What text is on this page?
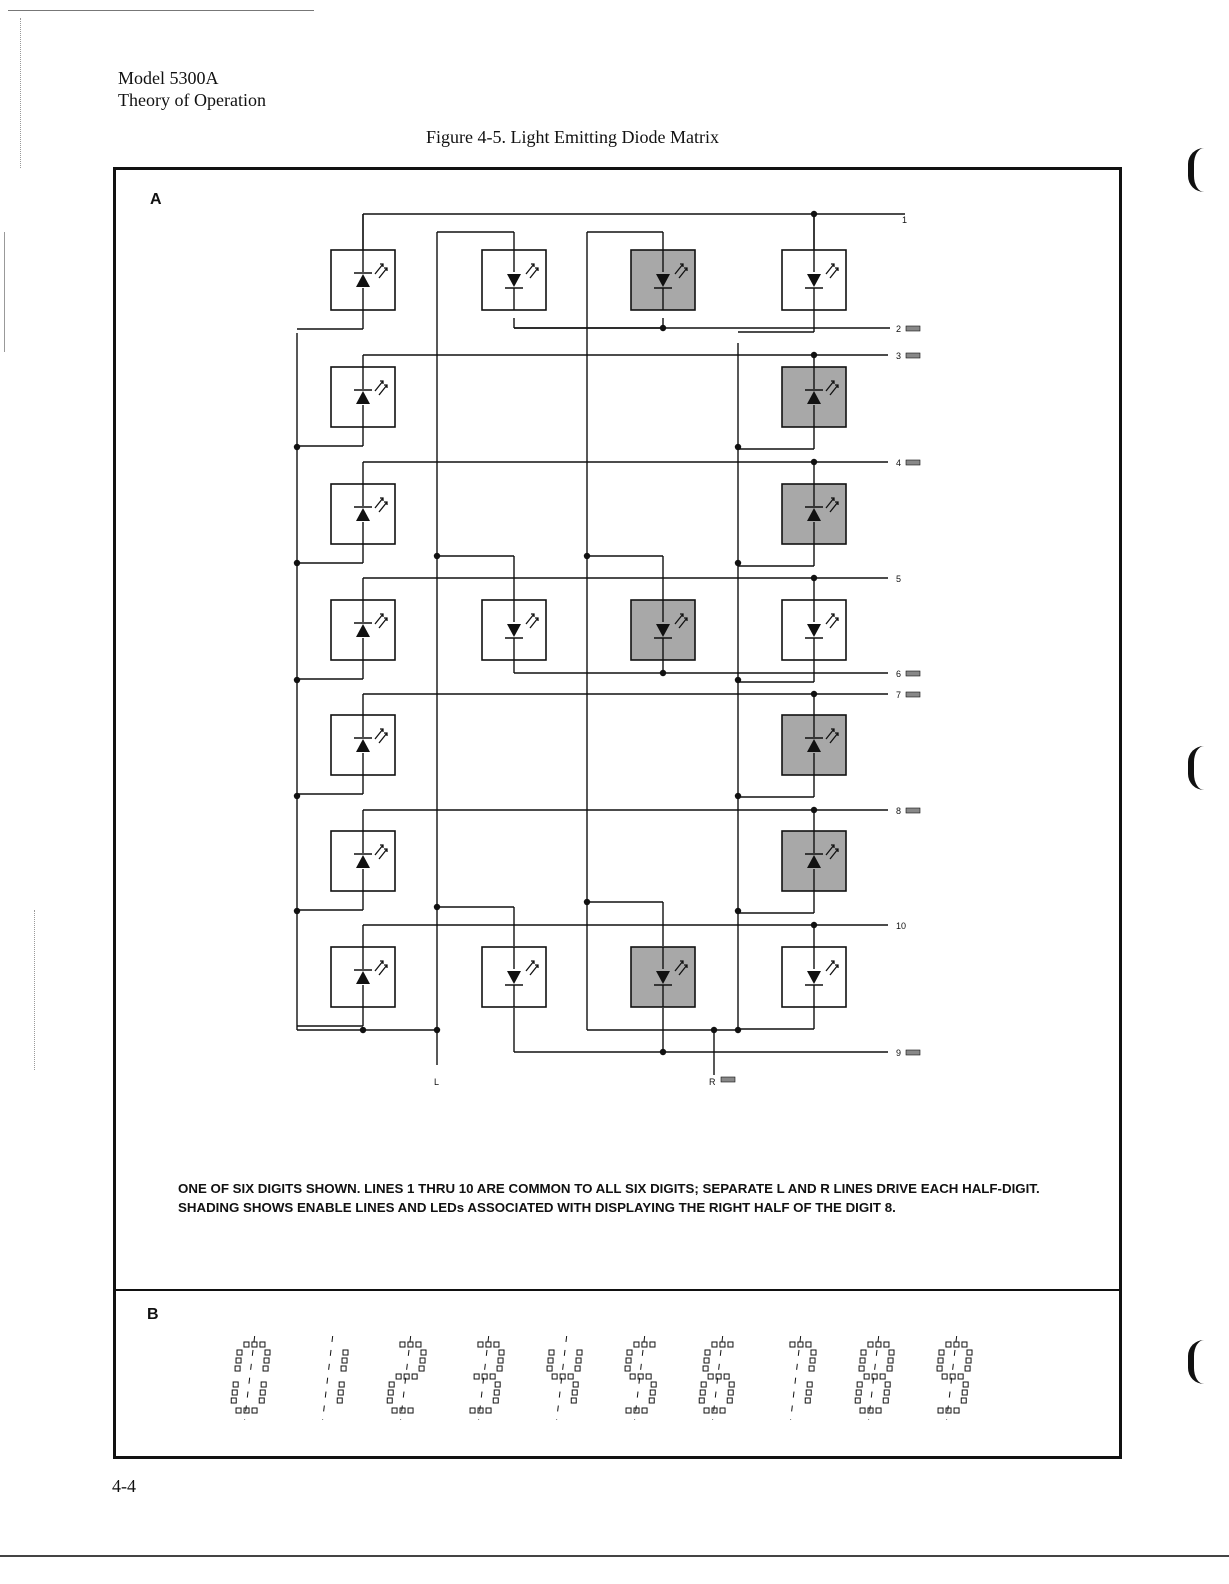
Model 5300A
Theory of Operation
Figure 4-5. Light Emitting Diode Matrix
A
B
1
2
3
4
5
6
7
8
10
9
L	R
ONE OF SIX DIGITS SHOWN. LINES 1 THRU 10 ARE COMMON TO ALL SIX DIGITS; SEPARATE L AND R LINES DRIVE EACH HALF-DIGIT. SHADING SHOWS ENABLE LINES AND LEDs ASSOCIATED WITH DISPLAYING THE RIGHT HALF OF THE DIGIT 8.
4-4
